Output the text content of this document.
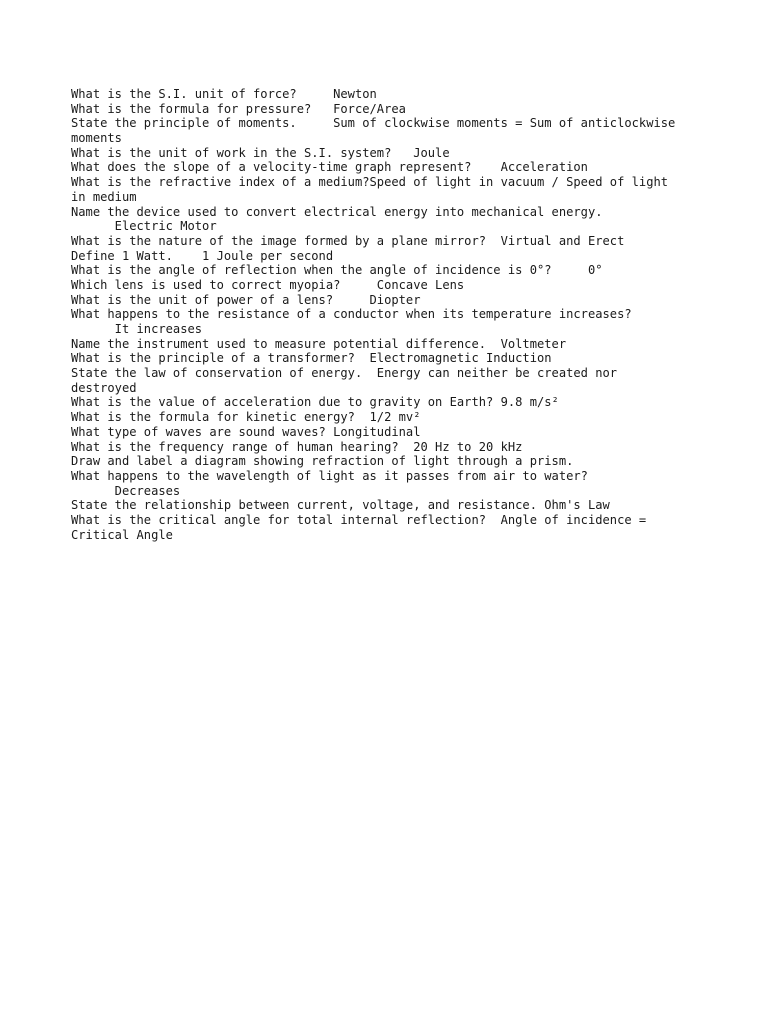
What is the S.I. unit of force?     Newton
What is the formula for pressure?   Force/Area
State the principle of moments.     Sum of clockwise moments = Sum of anticlockwise
moments
What is the unit of work in the S.I. system?   Joule
What does the slope of a velocity-time graph represent?    Acceleration
What is the refractive index of a medium?Speed of light in vacuum / Speed of light
in medium
Name the device used to convert electrical energy into mechanical energy.
Electric Motor
What is the nature of the image formed by a plane mirror?  Virtual and Erect
Define 1 Watt.    1 Joule per second
What is the angle of reflection when the angle of incidence is 0°?     0°
Which lens is used to correct myopia?     Concave Lens
What is the unit of power of a lens?     Diopter
What happens to the resistance of a conductor when its temperature increases?
It increases
Name the instrument used to measure potential difference.  Voltmeter
What is the principle of a transformer?  Electromagnetic Induction
State the law of conservation of energy.  Energy can neither be created nor
destroyed
What is the value of acceleration due to gravity on Earth? 9.8 m/s²
What is the formula for kinetic energy?  1/2 mv²
What type of waves are sound waves? Longitudinal
What is the frequency range of human hearing?  20 Hz to 20 kHz
Draw and label a diagram showing refraction of light through a prism.
What happens to the wavelength of light as it passes from air to water?
Decreases
State the relationship between current, voltage, and resistance. Ohm's Law
What is the critical angle for total internal reflection?  Angle of incidence =
Critical Angle
